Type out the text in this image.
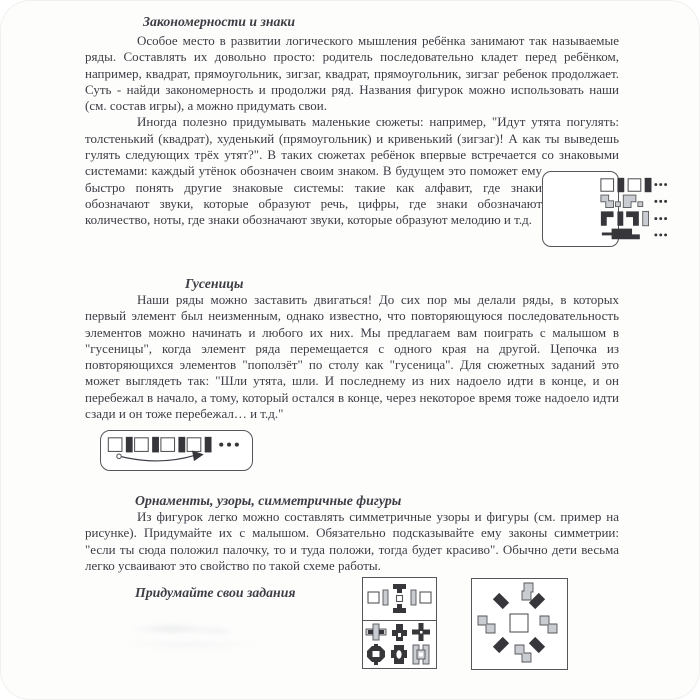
Закономерности и знаки

Особое место в развитии логического мышления ребёнка занимают так называемые ряды. Составлять их довольно просто: родитель последовательно кладет перед ребёнком, например, квадрат, прямоугольник, зигзаг, квадрат, прямоугольник, зигзаг ребенок продолжает. Суть - найди закономерность и продолжи ряд. Названия фигурок можно использовать наши (см. состав игры), а можно придумать свои.

Иногда полезно придумывать маленькие сюжеты: например, "Идут утята погулять: толстенький (квадрат), худенький (прямоугольник) и кривенький (зигзаг)! А как ты выведешь гулять следующих трёх утят?". В таких сюжетах ребёнок впервые встречается со знаковыми системами: каждый утёнок обозначен своим знаком. В будущем это поможет ему быстро понять другие знаковые системы: такие как алфавит, где знаки обозначают звуки, которые образуют речь, цифры, где знаки обозначают количество, ноты, где знаки обозначают звуки, которые образуют мелодию и т.д.

Гусеницы

Наши ряды можно заставить двигаться! До сих пор мы делали ряды, в которых первый элемент был неизменным, однако известно, что повторяющуюся последовательность элементов можно начинать и любого их них. Мы предлагаем вам поиграть с малышом в "гусеницы", когда элемент ряда перемещается с одного края на другой. Цепочка из повторяющихся элементов "поползёт" по столу как "гусеница". Для сюжетных заданий это может выглядеть так: "Шли утята, шли. И последнему из них надоело идти в конце, и он перебежал в начало, а тому, который остался в конце, через некоторое время тоже надоело идти сзади и он тоже перебежал… и т.д."

Орнаменты, узоры, симметричные фигуры

Из фигурок легко можно составлять симметричные узоры и фигуры (см. пример на рисунке). Придумайте их с малышом. Обязательно подсказывайте ему законы симметрии: "если ты сюда положил палочку, то и туда положи, тогда будет красиво". Обычно дети весьма легко усваивают это свойство по такой схеме работы.

Придумайте свои задания
